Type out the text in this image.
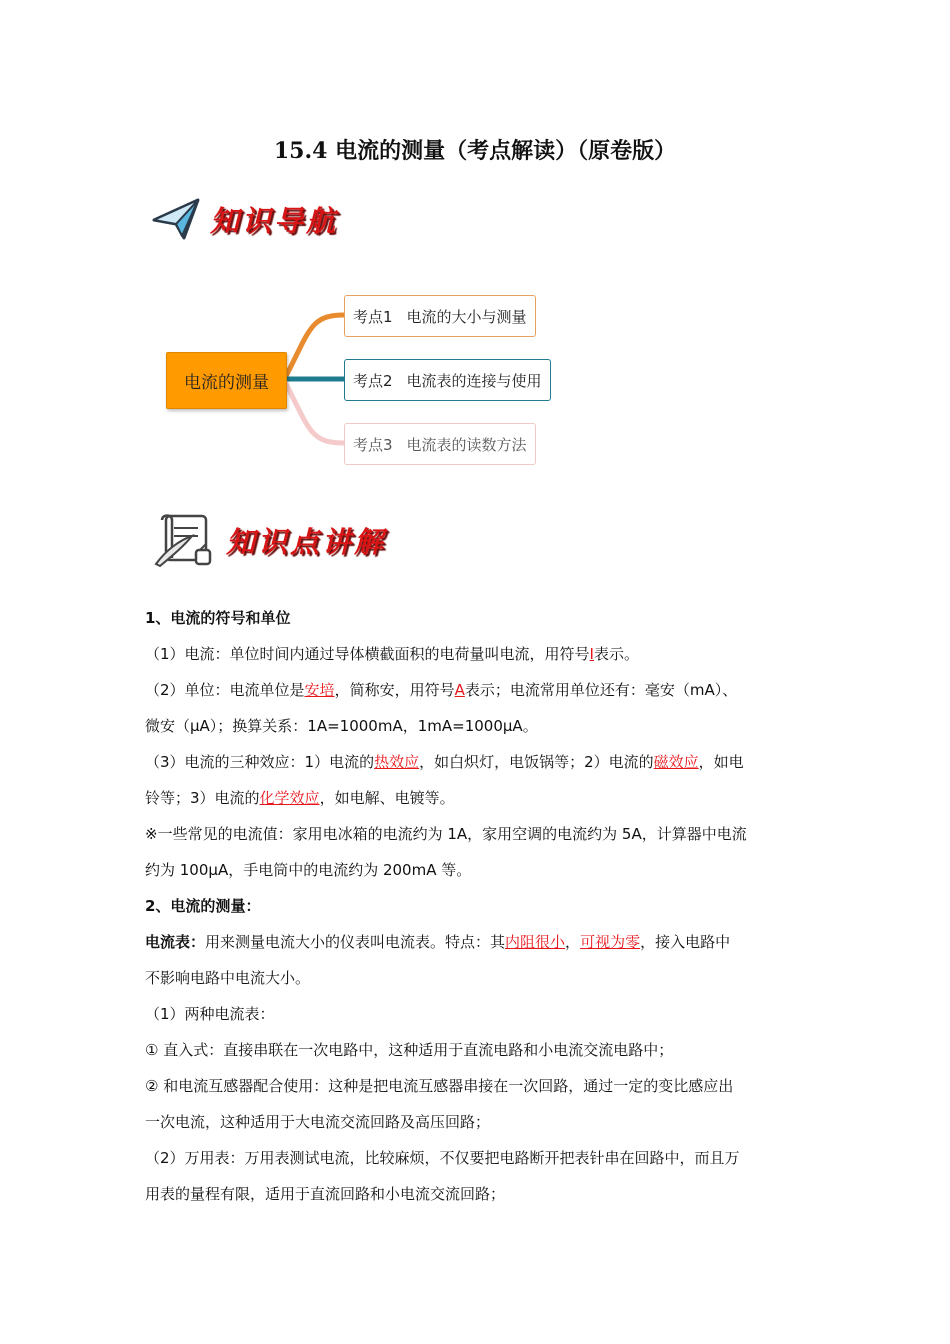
15.4 电流的测量（考点解读）（原卷版）
知识导航
电流的测量
考点1 电流的大小与测量
考点2 电流表的连接与使用
考点3 电流表的读数方法
知识点讲解
1、电流的符号和单位
（1）电流：单位时间内通过导体横截面积的电荷量叫电流，用符号I表示。
（2）单位：电流单位是安培，简称安，用符号A表示；电流常用单位还有：毫安（mA）、
微安（μA）；换算关系：1A=1000mA，1mA=1000μA。
（3）电流的三种效应：1）电流的热效应，如白炽灯，电饭锅等；2）电流的磁效应，如电
铃等；3）电流的化学效应，如电解、电镀等。
※一些常见的电流值：家用电冰箱的电流约为 1A，家用空调的电流约为 5A，计算器中电流
约为 100μA，手电筒中的电流约为 200mA 等。
2、电流的测量：
电流表：用来测量电流大小的仪表叫电流表。特点：其内阻很小，可视为零，接入电路中
不影响电路中电流大小。
（1）两种电流表：
① 直入式：直接串联在一次电路中，这种适用于直流电路和小电流交流电路中；
② 和电流互感器配合使用：这种是把电流互感器串接在一次回路，通过一定的变比感应出
一次电流，这种适用于大电流交流回路及高压回路；
（2）万用表：万用表测试电流，比较麻烦，不仅要把电路断开把表针串在回路中，而且万
用表的量程有限，适用于直流回路和小电流交流回路；
